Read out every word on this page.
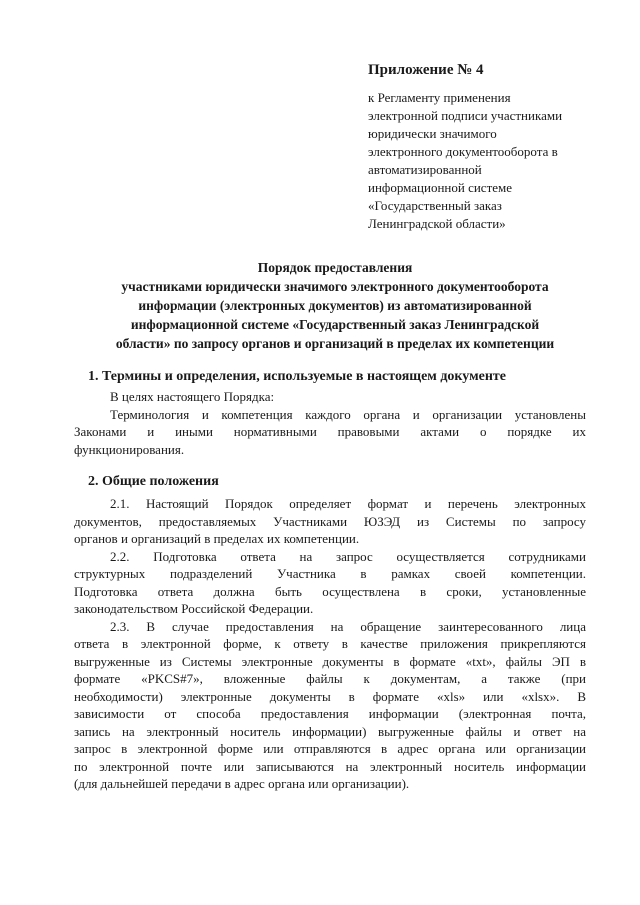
Приложение № 4
к Регламенту применения
электронной подписи участниками
юридически значимого
электронного документооборота в
автоматизированной
информационной системе
«Государственный заказ
Ленинградской области»
Порядок предоставления
участниками юридически значимого электронного документооборота
информации (электронных документов) из автоматизированной
информационной системе «Государственный заказ Ленинградской
области» по запросу органов и организаций в пределах их компетенции
1. Термины и определения, используемые в настоящем документе
В целях настоящего Порядка:
Терминология и компетенция каждого органа и организации установлены
Законами и иными нормативными правовыми актами о порядке их
функционирования.
2. Общие положения
2.1. Настоящий Порядок определяет формат и перечень электронных
документов, предоставляемых Участниками ЮЗЭД из Системы по запросу
органов и организаций в пределах их компетенции.
2.2. Подготовка ответа на запрос осуществляется сотрудниками
структурных подразделений Участника в рамках своей компетенции.
Подготовка ответа должна быть осуществлена в сроки, установленные
законодательством Российской Федерации.
2.3. В случае предоставления на обращение заинтересованного лица
ответа в электронной форме, к ответу в качестве приложения прикрепляются
выгруженные из Системы электронные документы в формате «txt», файлы ЭП в
формате «PKCS#7», вложенные файлы к документам, а также (при
необходимости) электронные документы в формате «xls» или «xlsx». В
зависимости от способа предоставления информации (электронная почта,
запись на электронный носитель информации) выгруженные файлы и ответ на
запрос в электронной форме или отправляются в адрес органа или организации
по электронной почте или записываются на электронный носитель информации
(для дальнейшей передачи в адрес органа или организации).
